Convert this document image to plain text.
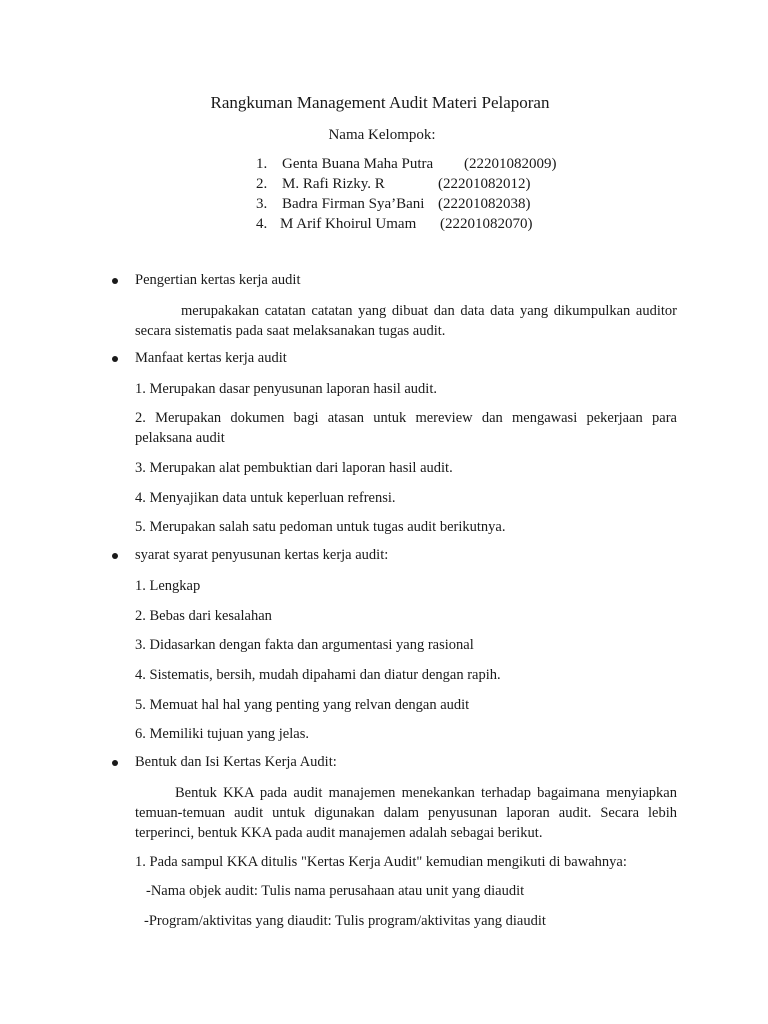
Rangkuman Management Audit Materi Pelaporan
Nama Kelompok:
1. Genta Buana Maha Putra	(22201082009)
2. M. Rafi Rizky. R	(22201082012)
3. Badra Firman Sya’Bani (22201082038)
4. M Arif Khoirul Umam	(22201082070)
Pengertian kertas kerja audit
merupakakan catatan catatan yang dibuat dan data data yang dikumpulkan auditor secara sistematis pada saat melaksanakan tugas audit.
Manfaat kertas kerja audit
1. Merupakan dasar penyusunan laporan hasil audit.
2. Merupakan dokumen bagi atasan untuk mereview dan mengawasi pekerjaan para pelaksana audit
3. Merupakan alat pembuktian dari laporan hasil audit.
4. Menyajikan data untuk keperluan refrensi.
5. Merupakan salah satu pedoman untuk tugas audit berikutnya.
syarat syarat penyusunan kertas kerja audit:
1. Lengkap
2. Bebas dari kesalahan
3. Didasarkan dengan fakta dan argumentasi yang rasional
4. Sistematis, bersih, mudah dipahami dan diatur dengan rapih.
5. Memuat hal hal yang penting yang relvan dengan audit
6. Memiliki tujuan yang jelas.
Bentuk dan Isi Kertas Kerja Audit:
Bentuk KKA pada audit manajemen menekankan terhadap bagaimana menyiapkan temuan-temuan audit untuk digunakan dalam penyusunan laporan audit. Secara lebih terperinci, bentuk KKA pada audit manajemen adalah sebagai berikut.
1. Pada sampul KKA ditulis "Kertas Kerja Audit" kemudian mengikuti di bawahnya:
-Nama objek audit: Tulis nama perusahaan atau unit yang diaudit
-Program/aktivitas yang diaudit: Tulis program/aktivitas yang diaudit
